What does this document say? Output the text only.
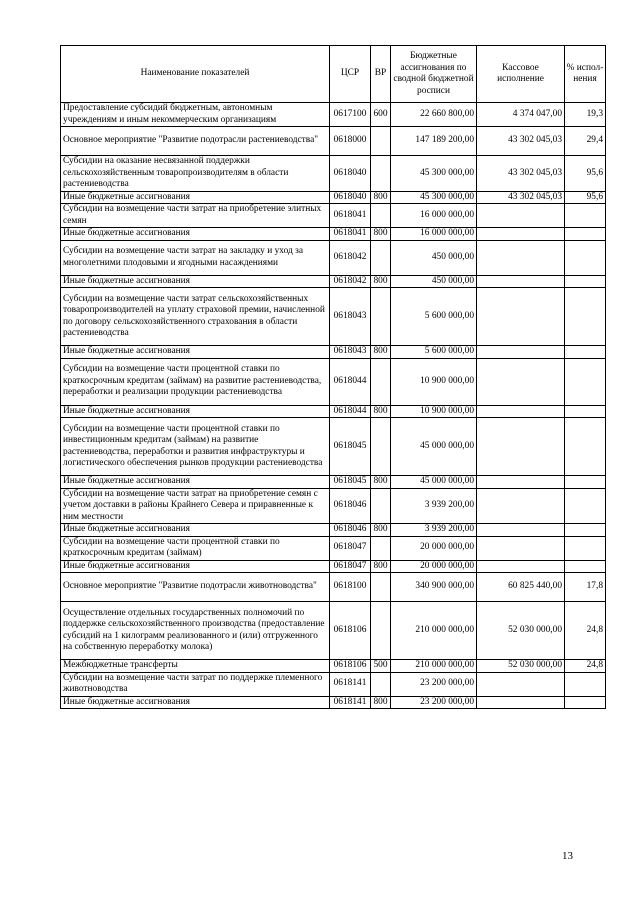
Наименование показателей	ЦСР	ВР	Бюджетные ассигнования по сводной бюджетной росписи	Кассовое исполнение	% испол-нения
Предоставление субсидий бюджетным, автономным учреждениям и иным некоммерческим организациям	0617100	600	22 660 800,00	4 374 047,00	19,3
Основное мероприятие "Развитие подотрасли растениеводства"	0618000		147 189 200,00	43 302 045,03	29,4
Субсидии на оказание несвязанной поддержки сельскохозяйственным товаропроизводителям в области растениеводства	0618040		45 300 000,00	43 302 045,03	95,6
Иные бюджетные ассигнования	0618040	800	45 300 000,00	43 302 045,03	95,6
Субсидии на возмещение части затрат на приобретение элитных семян	0618041		16 000 000,00		
Иные бюджетные ассигнования	0618041	800	16 000 000,00		
Субсидии на возмещение части затрат на закладку и уход за многолетними плодовыми и ягодными насаждениями	0618042		450 000,00		
Иные бюджетные ассигнования	0618042	800	450 000,00		
Субсидии на возмещение части затрат сельскохозяйственных товаропроизводителей на уплату страховой премии, начисленной по договору сельскохозяйственного страхования в области растениеводства	0618043		5 600 000,00		
Иные бюджетные ассигнования	0618043	800	5 600 000,00		
Субсидии на возмещение части процентной ставки по краткосрочным кредитам (займам) на развитие растениеводства, переработки и реализации продукции растениеводства	0618044		10 900 000,00		
Иные бюджетные ассигнования	0618044	800	10 900 000,00		
Субсидии на возмещение части процентной ставки по инвестиционным кредитам (займам) на развитие растениеводства, переработки и развития инфраструктуры и логистического обеспечения рынков продукции растениеводства	0618045		45 000 000,00		
Иные бюджетные ассигнования	0618045	800	45 000 000,00		
Субсидии на возмещение части затрат на приобретение семян с учетом доставки в районы Крайнего Севера и приравненные к ним местности	0618046		3 939 200,00		
Иные бюджетные ассигнования	0618046	800	3 939 200,00		
Субсидии на возмещение части процентной ставки по краткосрочным кредитам (займам)	0618047		20 000 000,00		
Иные бюджетные ассигнования	0618047	800	20 000 000,00		
Основное мероприятие "Развитие подотрасли животноводства"	0618100		340 900 000,00	60 825 440,00	17,8
Осуществление отдельных государственных полномочий по поддержке сельскохозяйственного производства (предоставление субсидий на 1 килограмм реализованного и (или) отгруженного на собственную переработку молока)	0618106		210 000 000,00	52 030 000,00	24,8
Межбюджетные трансферты	0618106	500	210 000 000,00	52 030 000,00	24,8
Субсидии на возмещение части затрат по поддержке племенного животноводства	0618141		23 200 000,00		
Иные бюджетные ассигнования	0618141	800	23 200 000,00		
13
